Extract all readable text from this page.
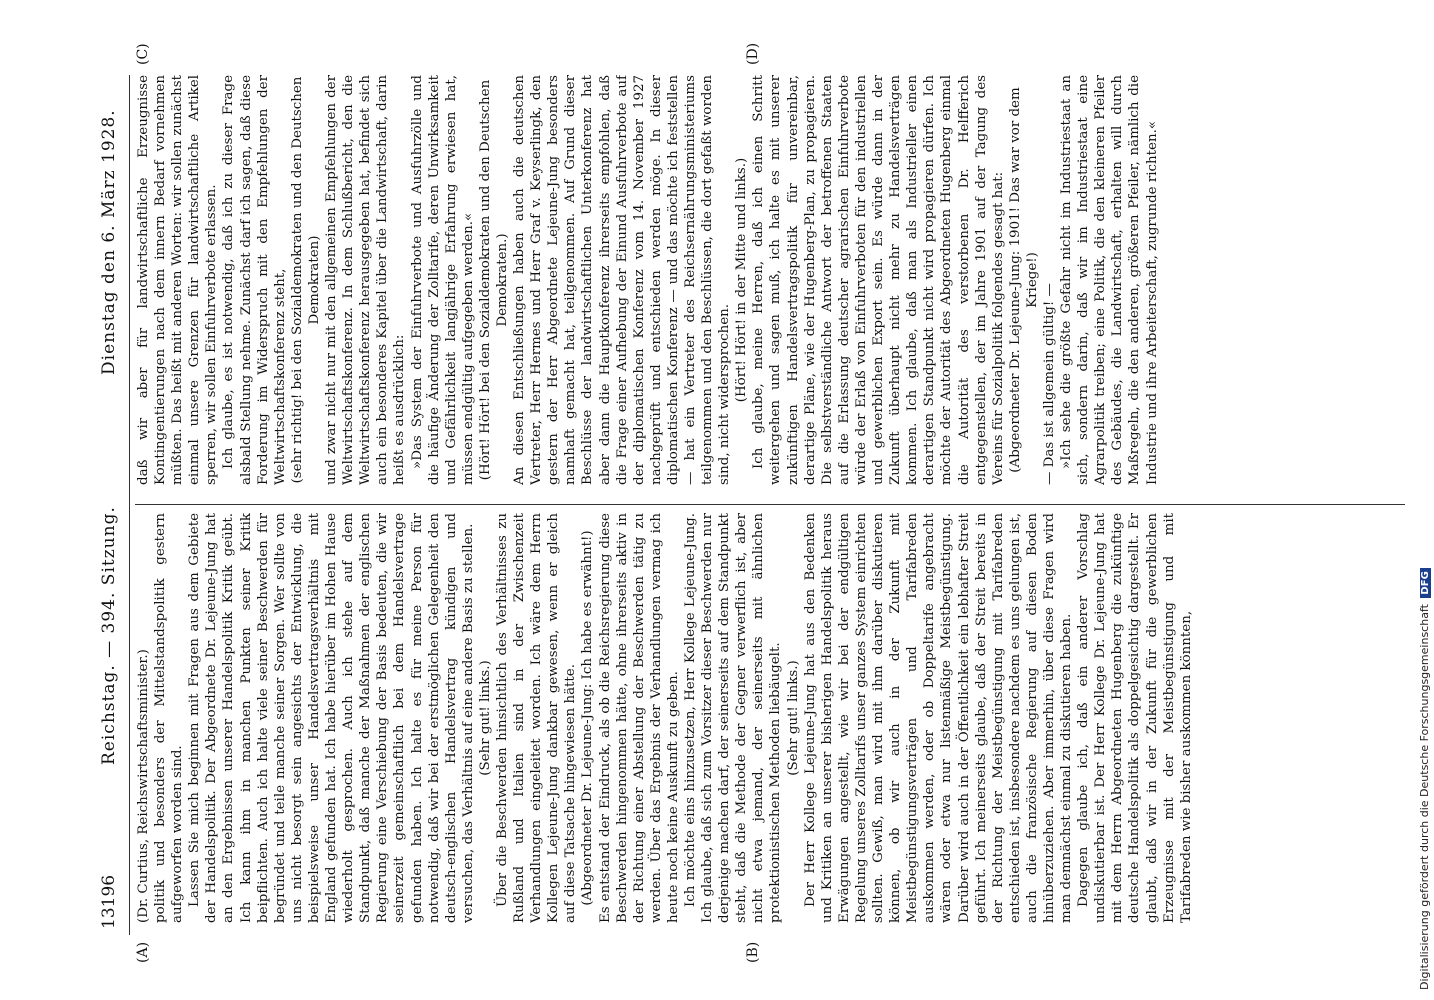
13196
Reichstag. — 394. Sitzung.
Dienstag den 6. März 1928.
(A)	(B)
(C)	(D)

(Dr. Curtius, Reichswirtschaftsminister.) politik und besonders der Mittelstandspolitik gestern aufgeworfen worden sind. Lassen Sie mich beginnen mit Fragen aus dem Gebiete der Handelspolitik. Der Abgeordnete Dr. Lejeune-Jung hat an den Ergebnissen unserer Handelspolitik Kritik geübt. Ich kann ihm in manchen Punkten seiner Kritik beipflichten. Auch ich halte viele seiner Beschwerden für begründet und teile manche seiner Sorgen. Wer sollte von uns nicht besorgt sein angesichts der Entwicklung, die beispielsweise unser Handelsvertragsverhältnis mit England gefunden hat. Ich habe hierüber im Hohen Hause wiederholt gesprochen. Auch ich stehe auf dem Standpunkt, daß manche der Maßnahmen der englischen Regierung eine Verschiebung der Basis bedeuten, die wir seinerzeit gemeinschaftlich bei dem Handelsvertrage gefunden haben. Ich halte es für meine Person für notwendig, daß wir bei der erstmöglichen Gelegenheit den deutsch-englischen Handelsvertrag kündigen und versuchen, das Verhältnis auf eine andere Basis zu stellen. (Sehr gut! links.) Über die Beschwerden hinsichtlich des Verhältnisses zu Rußland und Italien sind in der Zwischenzeit Verhandlungen eingeleitet worden. Ich wäre dem Herrn Kollegen Lejeune-Jung dankbar gewesen, wenn er gleich auf diese Tatsache hingewiesen hätte. (Abgeordneter Dr. Lejeune-Jung: Ich habe es erwähnt!) Es entstand der Eindruck, als ob die Reichsregierung diese Beschwerden hingenommen hätte, ohne ihrerseits aktiv in der Richtung einer Abstellung der Beschwerden tätig zu werden. Über das Ergebnis der Verhandlungen vermag ich heute noch keine Auskunft zu geben. Ich möchte eins hinzusetzen, Herr Kollege Lejeune-Jung. Ich glaube, daß sich zum Vorsitzer dieser Beschwerden nur derjenige machen darf, der seinerseits auf dem Standpunkt steht, daß die Methode der Gegner verwerflich ist, aber nicht etwa jemand, der seinerseits mit ähnlichen protektionistischen Methoden liebäugelt. (Sehr gut! links.) Der Herr Kollege Lejeune-Jung hat aus den Bedenken und Kritiken an unserer bisherigen Handelspolitik heraus Erwägungen angestellt, wie wir bei der endgültigen Regelung unseres Zolltarifs unser ganzes System einrichten sollten. Gewiß, man wird mit ihm darüber diskutieren können, ob wir auch in der Zukunft mit Meistbegünstigungsverträgen und Tarifabreden auskommen werden, oder ob Doppeltarife angebracht wären oder etwa nur listenmäßige Meistbegünstigung. Darüber wird auch in der Öffentlichkeit ein lebhafter Streit geführt. Ich meinerseits glaube, daß der Streit bereits in der Richtung der Meistbegünstigung mit Tarifabreden entschieden ist, insbesondere nachdem es uns gelungen ist, auch die französische Regierung auf diesen Boden hinüberzuziehen. Aber immerhin, über diese Fragen wird man demnächst einmal zu diskutieren haben. Dagegen glaube ich, daß ein anderer Vorschlag undiskutierbar ist. Der Herr Kollege Dr. Lejeune-Jung hat mit dem Herrn Abgeordneten Hugenberg die zukünftige deutsche Handelspolitik als doppelgesichtig dargestellt. Er glaubt, daß wir in der Zukunft für die gewerblichen Erzeugnisse mit der Meistbegünstigung und mit Tarifabreden wie bisher auskommen könnten,

daß wir aber für landwirtschaftliche Erzeugnisse Kontingentierungen nach dem innern Bedarf vornehmen müßten. Das heißt mit anderen Worten: wir sollen zunächst einmal unsere Grenzen für landwirtschaftliche Artikel sperren, wir sollen Einfuhrverbote erlassen. Ich glaube, es ist notwendig, daß ich zu dieser Frage alsbald Stellung nehme. Zunächst darf ich sagen, daß diese Forderung im Widerspruch mit den Empfehlungen der Weltwirtschaftskonferenz steht, (sehr richtig! bei den Sozialdemokraten und den Deutschen Demokraten) und zwar nicht nur mit den allgemeinen Empfehlungen der Weltwirtschaftskonferenz. In dem Schlußbericht, den die Weltwirtschaftskonferenz herausgegeben hat, befindet sich auch ein besonderes Kapitel über die Landwirtschaft, darin heißt es ausdrücklich: »Das System der Einfuhrverbote und Ausfuhrzölle und die häufige Änderung der Zolltarife, deren Unwirksamkeit und Gefährlichkeit langjährige Erfahrung erwiesen hat, müssen endgültig aufgegeben werden.« (Hört! Hört! bei den Sozialdemokraten und den Deutschen Demokraten.) An diesen Entschließungen haben auch die deutschen Vertreter, Herr Hermes und Herr Graf v. Keyserlingk, den gestern der Herr Abgeordnete Lejeune-Jung besonders namhaft gemacht hat, teilgenommen. Auf Grund dieser Beschlüsse der landwirtschaftlichen Unterkonferenz hat aber dann die Hauptkonferenz ihrerseits empfohlen, daß die Frage einer Aufhebung der Einund Ausfuhrverbote auf der diplomatischen Konferenz vom 14. November 1927 nachgeprüft und entschieden werden möge. In dieser diplomatischen Konferenz — und das möchte ich feststellen — hat ein Vertreter des Reichsernährungsministeriums teilgenommen und den Beschlüssen, die dort gefaßt worden sind, nicht widersprochen. (Hört! Hört! in der Mitte und links.) Ich glaube, meine Herren, daß ich einen Schritt weitergehen und sagen muß, ich halte es mit unserer zukünftigen Handelsvertragspolitik für unvereinbar, derartige Pläne, wie der Hugenberg-Plan, zu propagieren. Die selbstverständliche Antwort der betroffenen Staaten auf die Erlassung deutscher agrarischen Einfuhrverbote würde der Erlaß von Einfuhrverboten für den industriellen und gewerblichen Export sein. Es würde dann in der Zukunft überhaupt nicht mehr zu Handelsverträgen kommen. Ich glaube, daß man als Industrieller einen derartigen Standpunkt nicht wird propagieren dürfen. Ich möchte der Autorität des Abgeordneten Hugenberg einmal die Autorität des verstorbenen Dr. Helfferich entgegenstellen, der im Jahre 1901 auf der Tagung des Vereins für Sozialpolitik folgendes gesagt hat: (Abgeordneter Dr. Lejeune-Jung: 1901! Das war vor dem Kriege!)

— Das ist allgemein gültig! — »Ich sehe die größte Gefahr nicht im Industriestaat an sich, sondern darin, daß wir im Industriestaat eine Agrarpolitik treiben; eine Politik, die den kleineren Pfeiler des Gebäudes, die Landwirtschaft, erhalten will durch Maßregeln, die den anderen, größeren Pfeiler, nämlich die Industrie und ihre Arbeiterschaft, zugrunde richten.«

Digitalisierung gefördert durch die Deutsche Forschungsgemeinschaft DFG
